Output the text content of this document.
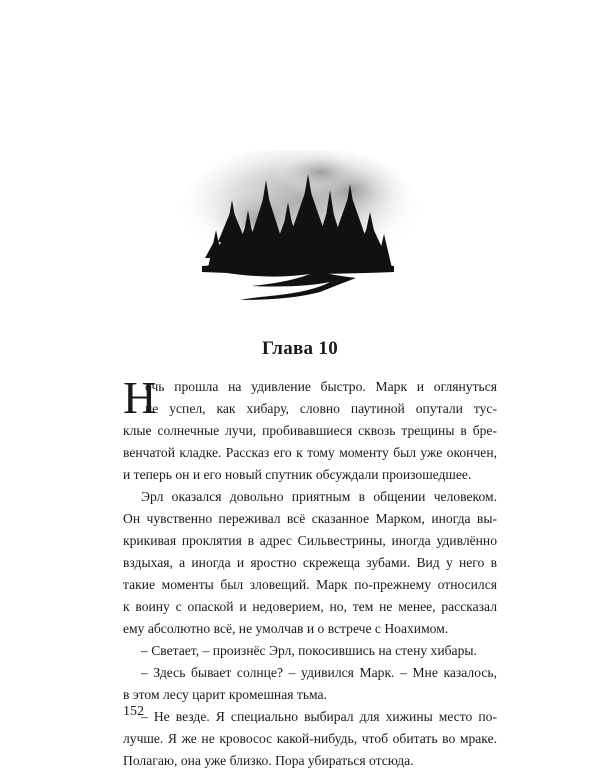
Глава 10
Н
очь прошла на удивление быстро. Марк и оглянуться
не успел, как хибару, словно паутиной опутали тус-
клые солнечные лучи, пробивавшиеся сквозь трещины в бре-
венчатой кладке. Рассказ его к тому моменту был уже окончен,
и теперь он и его новый спутник обсуждали произошедшее.
Эрл оказался довольно приятным в общении человеком.
Он чувственно переживал всё сказанное Марком, иногда вы-
крикивая проклятия в адрес Сильвестрины, иногда удивлённо
вздыхая, а иногда и яростно скрежеща зубами. Вид у него в
такие моменты был зловещий. Марк по-прежнему относился
к воину с опаской и недоверием, но, тем не менее, рассказал
ему абсолютно всё, не умолчав и о встрече с Ноахимом.
– Светает, – произнёс Эрл, покосившись на стену хибары.
– Здесь бывает солнце? – удивился Марк. – Мне казалось,
в этом лесу царит кромешная тьма.
– Не везде. Я специально выбирал для хижины место по-
лучше. Я же не кровосос какой-нибудь, чтоб обитать во мраке.
Полагаю, она уже близко. Пора убираться отсюда.
152
